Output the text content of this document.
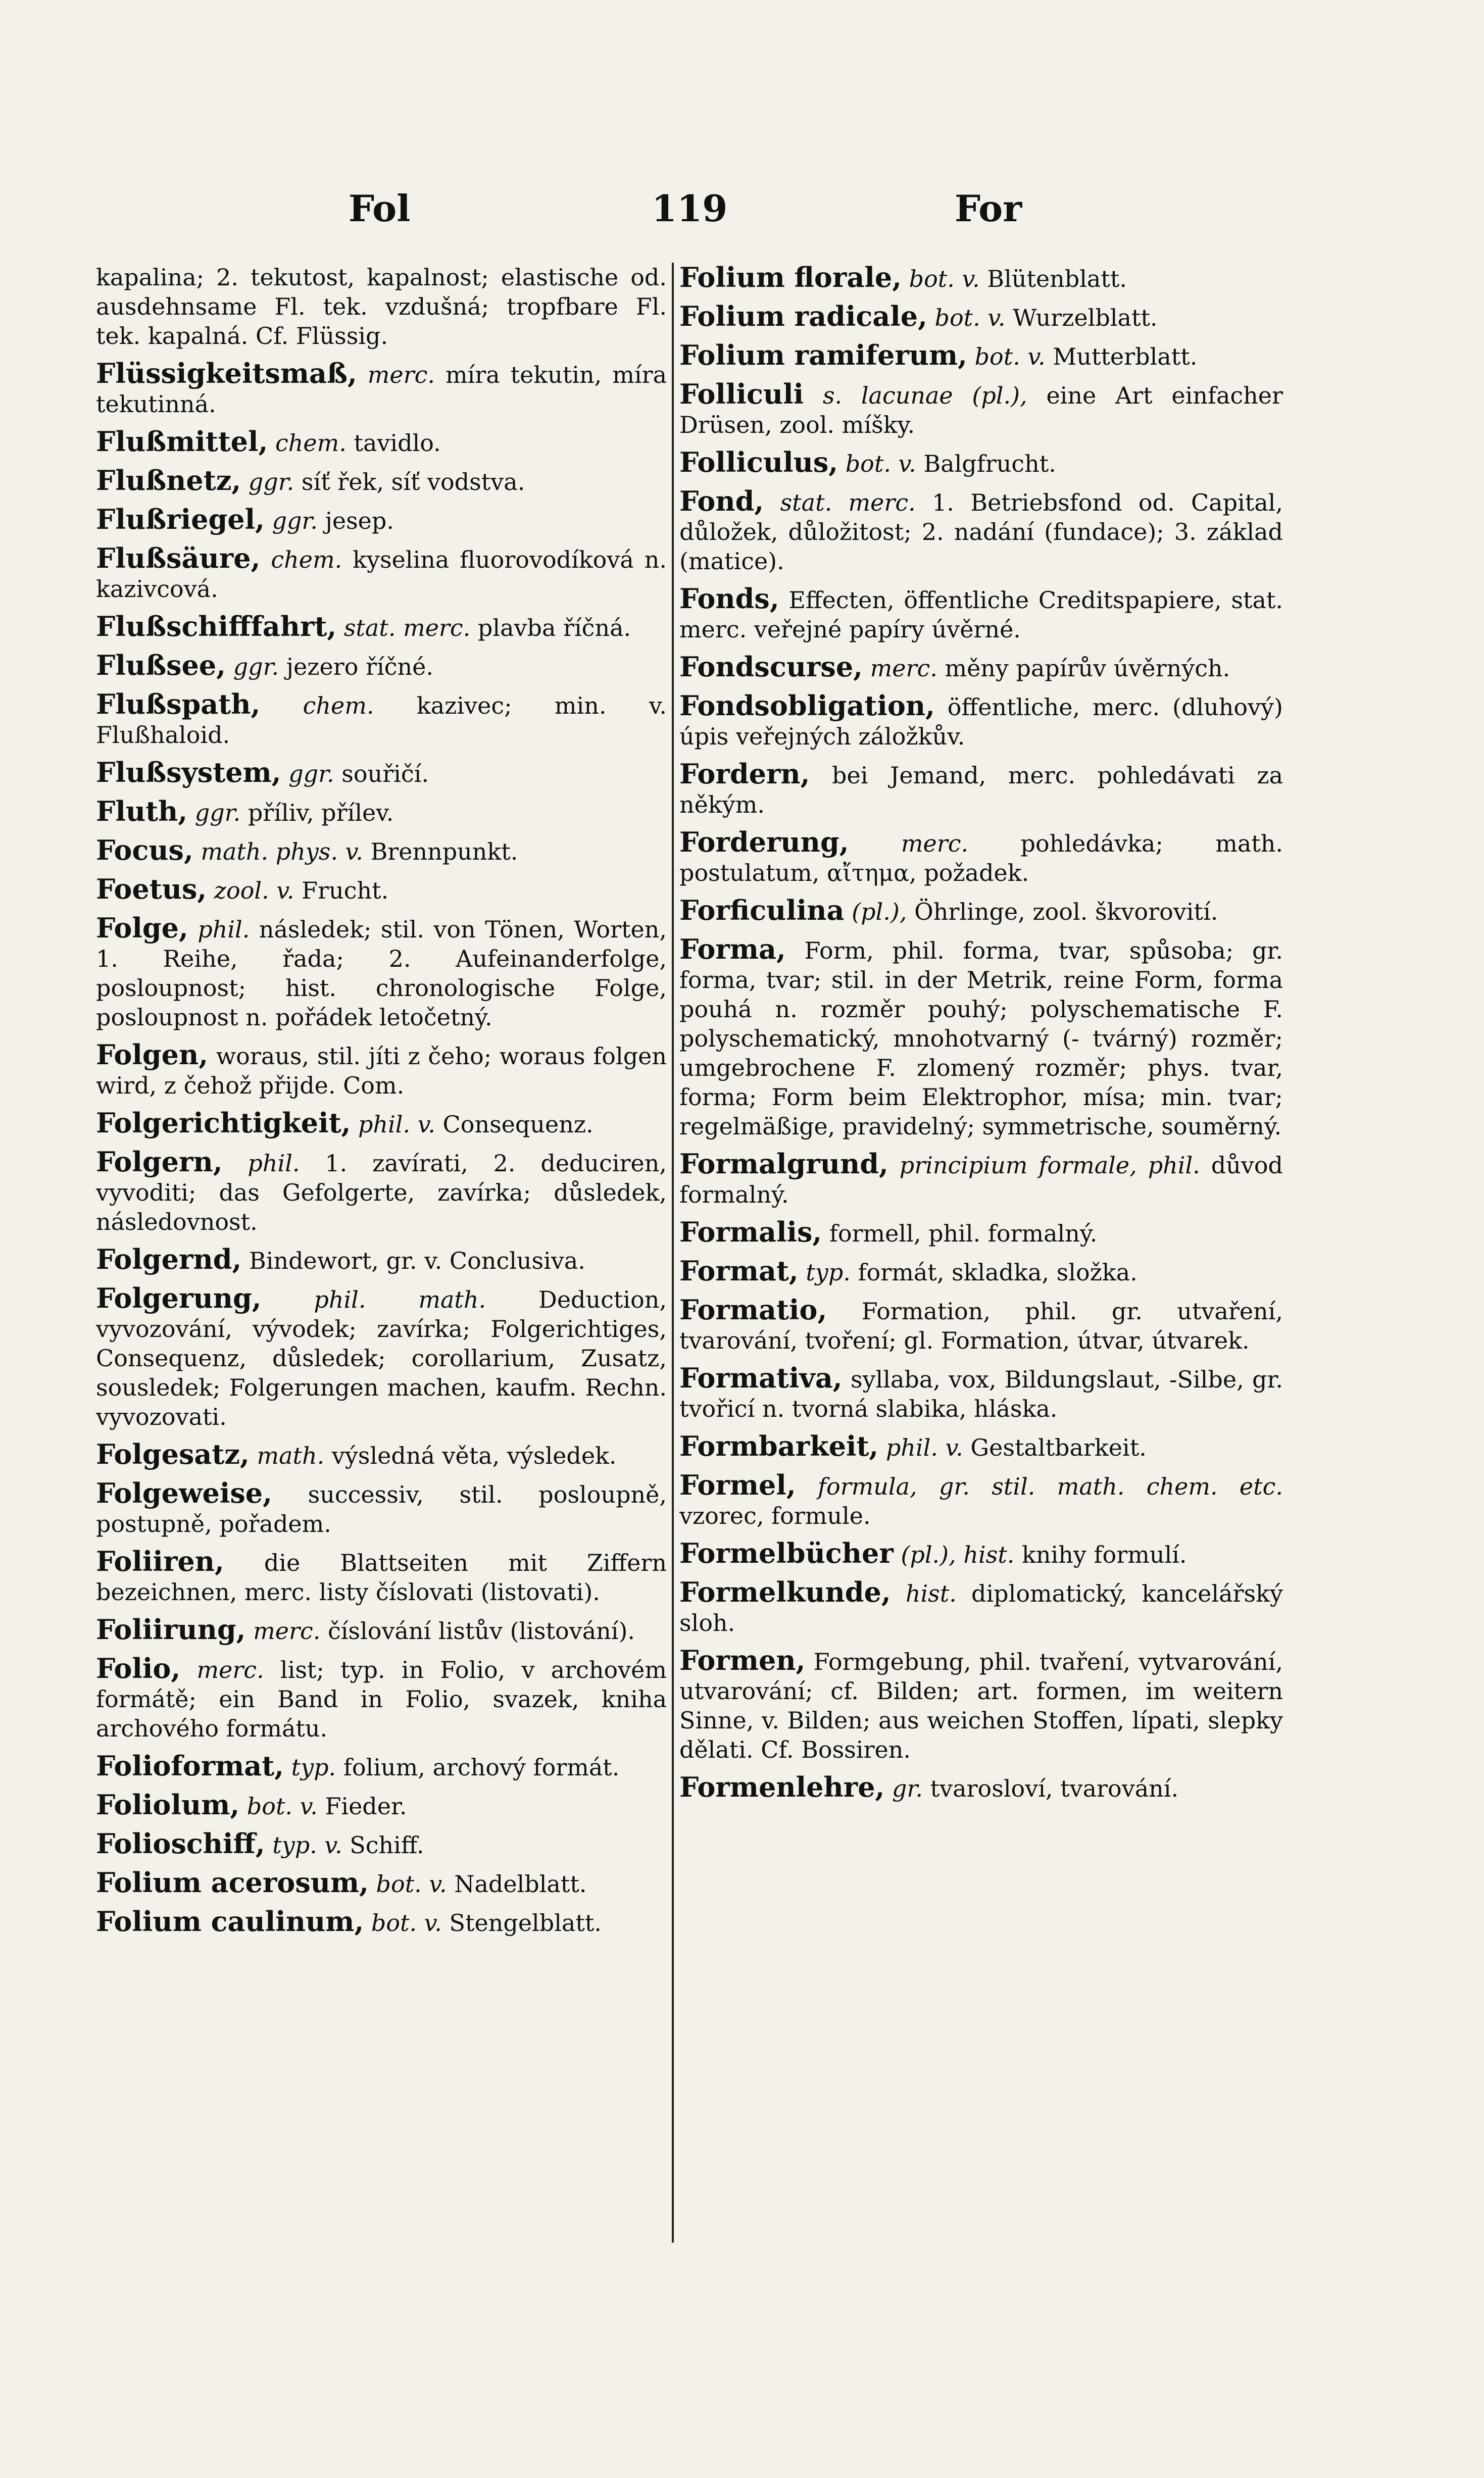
Fol	119	For

kapalina; 2. tekutost, kapalnost; elastische od. ausdehnsame Fl. tek. vzdušná; tropfbare Fl. tek. kapalná. Cf. Flüssig.

Flüssigkeitsmaß, merc. míra tekutin, míra tekutinná.

Flußmittel, chem. tavidlo.

Flußnetz, ggr. síť řek, síť vodstva.

Flußriegel, ggr. jesep.

Flußsäure, chem. kyselina fluorovodíková n. kazivcová.

Flußschifffahrt, stat. merc. plavba říčná.

Flußsee, ggr. jezero říčné.

Flußspath, chem. kazivec; min. v. Flußhaloid.

Flußsystem, ggr. souřičí.

Fluth, ggr. příliv, přílev.

Focus, math. phys. v. Brennpunkt.

Foetus, zool. v. Frucht.

Folge, phil. následek; stil. von Tönen, Worten, 1. Reihe, řada; 2. Aufeinanderfolge, posloupnost; hist. chronologische Folge, posloupnost n. pořádek letočetný.

Folgen, woraus, stil. jíti z čeho; woraus folgen wird, z čehož přijde. Com.

Folgerichtigkeit, phil. v. Consequenz.

Folgern, phil. 1. zavírati, 2. deduciren, vyvoditi; das Gefolgerte, zavírka; důsledek, následovnost.

Folgernd, Bindewort, gr. v. Conclusiva.

Folgerung, phil. math. Deduction, vyvozování, vývodek; zavírka; Folgerichtiges, Consequenz, důsledek; corollarium, Zusatz, sousledek; Folgerungen machen, kaufm. Rechn. vyvozovati.

Folgesatz, math. výsledná věta, výsledek.

Folgeweise, successiv, stil. posloupně, postupně, pořadem.

Foliiren, die Blattseiten mit Ziffern bezeichnen, merc. listy číslovati (listovati).

Foliirung, merc. číslování listův (listování).

Folio, merc. list; typ. in Folio, v archovém formátě; ein Band in Folio, svazek, kniha archového formátu.

Folioformat, typ. folium, archový formát.

Foliolum, bot. v. Fieder.

Folioschiff, typ. v. Schiff.

Folium acerosum, bot. v. Nadelblatt.

Folium caulinum, bot. v. Stengelblatt.

Folium florale, bot. v. Blütenblatt.

Folium radicale, bot. v. Wurzelblatt.

Folium ramiferum, bot. v. Mutterblatt.

Folliculi s. lacunae (pl.), eine Art einfacher Drüsen, zool. míšky.

Folliculus, bot. v. Balgfrucht.

Fond, stat. merc. 1. Betriebsfond od. Capital, důložek, důložitost; 2. nadání (fundace); 3. základ (matice).

Fonds, Effecten, öffentliche Creditspapiere, stat. merc. veřejné papíry úvěrné.

Fondscurse, merc. měny papírův úvěrných.

Fondsobligation, öffentliche, merc. (dluhový) úpis veřejných záložkův.

Fordern, bei Jemand, merc. pohledávati za někým.

Forderung, merc. pohledávka; math. postulatum, αἴτημα, požadek.

Forficulina (pl.), Öhrlinge, zool. škvorovití.

Forma, Form, phil. forma, tvar, spůsoba; gr. forma, tvar; stil. in der Metrik, reine Form, forma pouhá n. rozměr pouhý; polyschematische F. polyschematický, mnohotvarný (- tvárný) rozměr; umgebrochene F. zlomený rozměr; phys. tvar, forma; Form beim Elektrophor, mísa; min. tvar; regelmäßige, pravidelný; symmetrische, souměrný.

Formalgrund, principium formale, phil. důvod formalný.

Formalis, formell, phil. formalný.

Format, typ. formát, skladka, složka.

Formatio, Formation, phil. gr. utvaření, tvarování, tvoření; gl. Formation, útvar, útvarek.

Formativa, syllaba, vox, Bildungslaut, -Silbe, gr. tvořicí n. tvorná slabika, hláska.

Formbarkeit, phil. v. Gestaltbarkeit.

Formel, formula, gr. stil. math. chem. etc. vzorec, formule.

Formelbücher (pl.), hist. knihy formulí.

Formelkunde, hist. diplomatický, kancelářský sloh.

Formen, Formgebung, phil. tvaření, vytvarování, utvarování; cf. Bilden; art. formen, im weitern Sinne, v. Bilden; aus weichen Stoffen, lípati, slepky dělati. Cf. Bossiren.

Formenlehre, gr. tvarosloví, tvarování.
